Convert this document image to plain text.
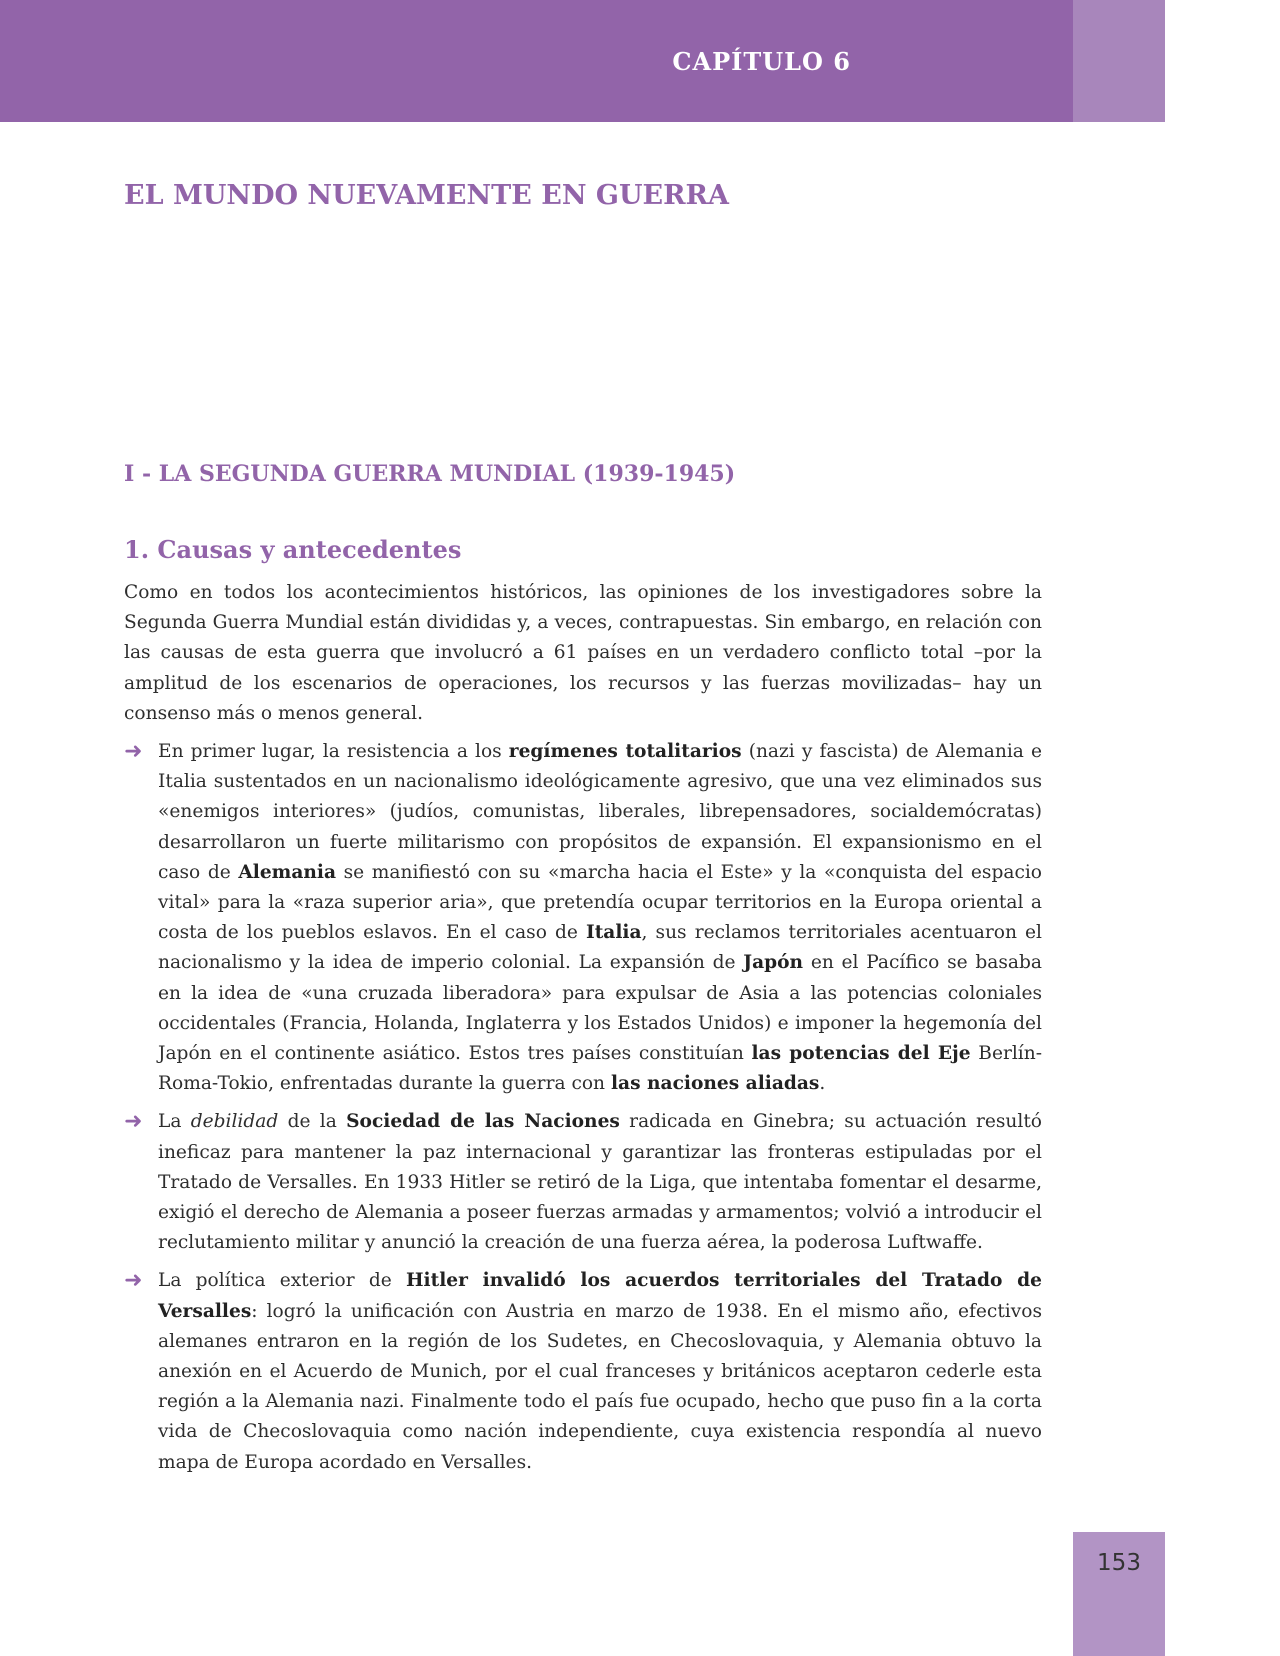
CAPÍTULO 6
EL MUNDO NUEVAMENTE EN GUERRA
I - LA SEGUNDA GUERRA MUNDIAL (1939-1945)
1. Causas y antecedentes

Como en todos los acontecimientos históricos, las opiniones de los investigadores sobre la Segunda Guerra Mundial están divididas y, a veces, contrapuestas. Sin embargo, en relación con las causas de esta guerra que involucró a 61 países en un verdadero conflicto total –por la amplitud de los escenarios de operaciones, los recursos y las fuerzas movilizadas– hay un consenso más o menos general.

➜ En primer lugar, la resistencia a los regímenes totalitarios (nazi y fascista) de Alemania e Italia sustentados en un nacionalismo ideológicamente agresivo, que una vez eliminados sus «enemigos interiores» (judíos, comunistas, liberales, librepensadores, socialdemócratas) desarrollaron un fuerte militarismo con propósitos de expansión. El expansionismo en el caso de Alemania se manifiestó con su «marcha hacia el Este» y la «conquista del espacio vital» para la «raza superior aria», que pretendía ocupar territorios en la Europa oriental a costa de los pueblos eslavos. En el caso de Italia, sus reclamos territoriales acentuaron el nacionalismo y la idea de imperio colonial. La expansión de Japón en el Pacífico se basaba en la idea de «una cruzada liberadora» para expulsar de Asia a las potencias coloniales occidentales (Francia, Holanda, Inglaterra y los Estados Unidos) e imponer la hegemonía del Japón en el continente asiático. Estos tres países constituían las potencias del Eje Berlín-Roma-Tokio, enfrentadas durante la guerra con las naciones aliadas.

➜ La debilidad de la Sociedad de las Naciones radicada en Ginebra; su actuación resultó ineficaz para mantener la paz internacional y garantizar las fronteras estipuladas por el Tratado de Versalles. En 1933 Hitler se retiró de la Liga, que intentaba fomentar el desarme, exigió el derecho de Alemania a poseer fuerzas armadas y armamentos; volvió a introducir el reclutamiento militar y anunció la creación de una fuerza aérea, la poderosa Luftwaffe.

➜ La política exterior de Hitler invalidó los acuerdos territoriales del Tratado de Versalles: logró la unificación con Austria en marzo de 1938. En el mismo año, efectivos alemanes entraron en la región de los Sudetes, en Checoslovaquia, y Alemania obtuvo la anexión en el Acuerdo de Munich, por el cual franceses y británicos aceptaron cederle esta región a la Alemania nazi. Finalmente todo el país fue ocupado, hecho que puso fin a la corta vida de Checoslovaquia como nación independiente, cuya existencia respondía al nuevo mapa de Europa acordado en Versalles.

153
